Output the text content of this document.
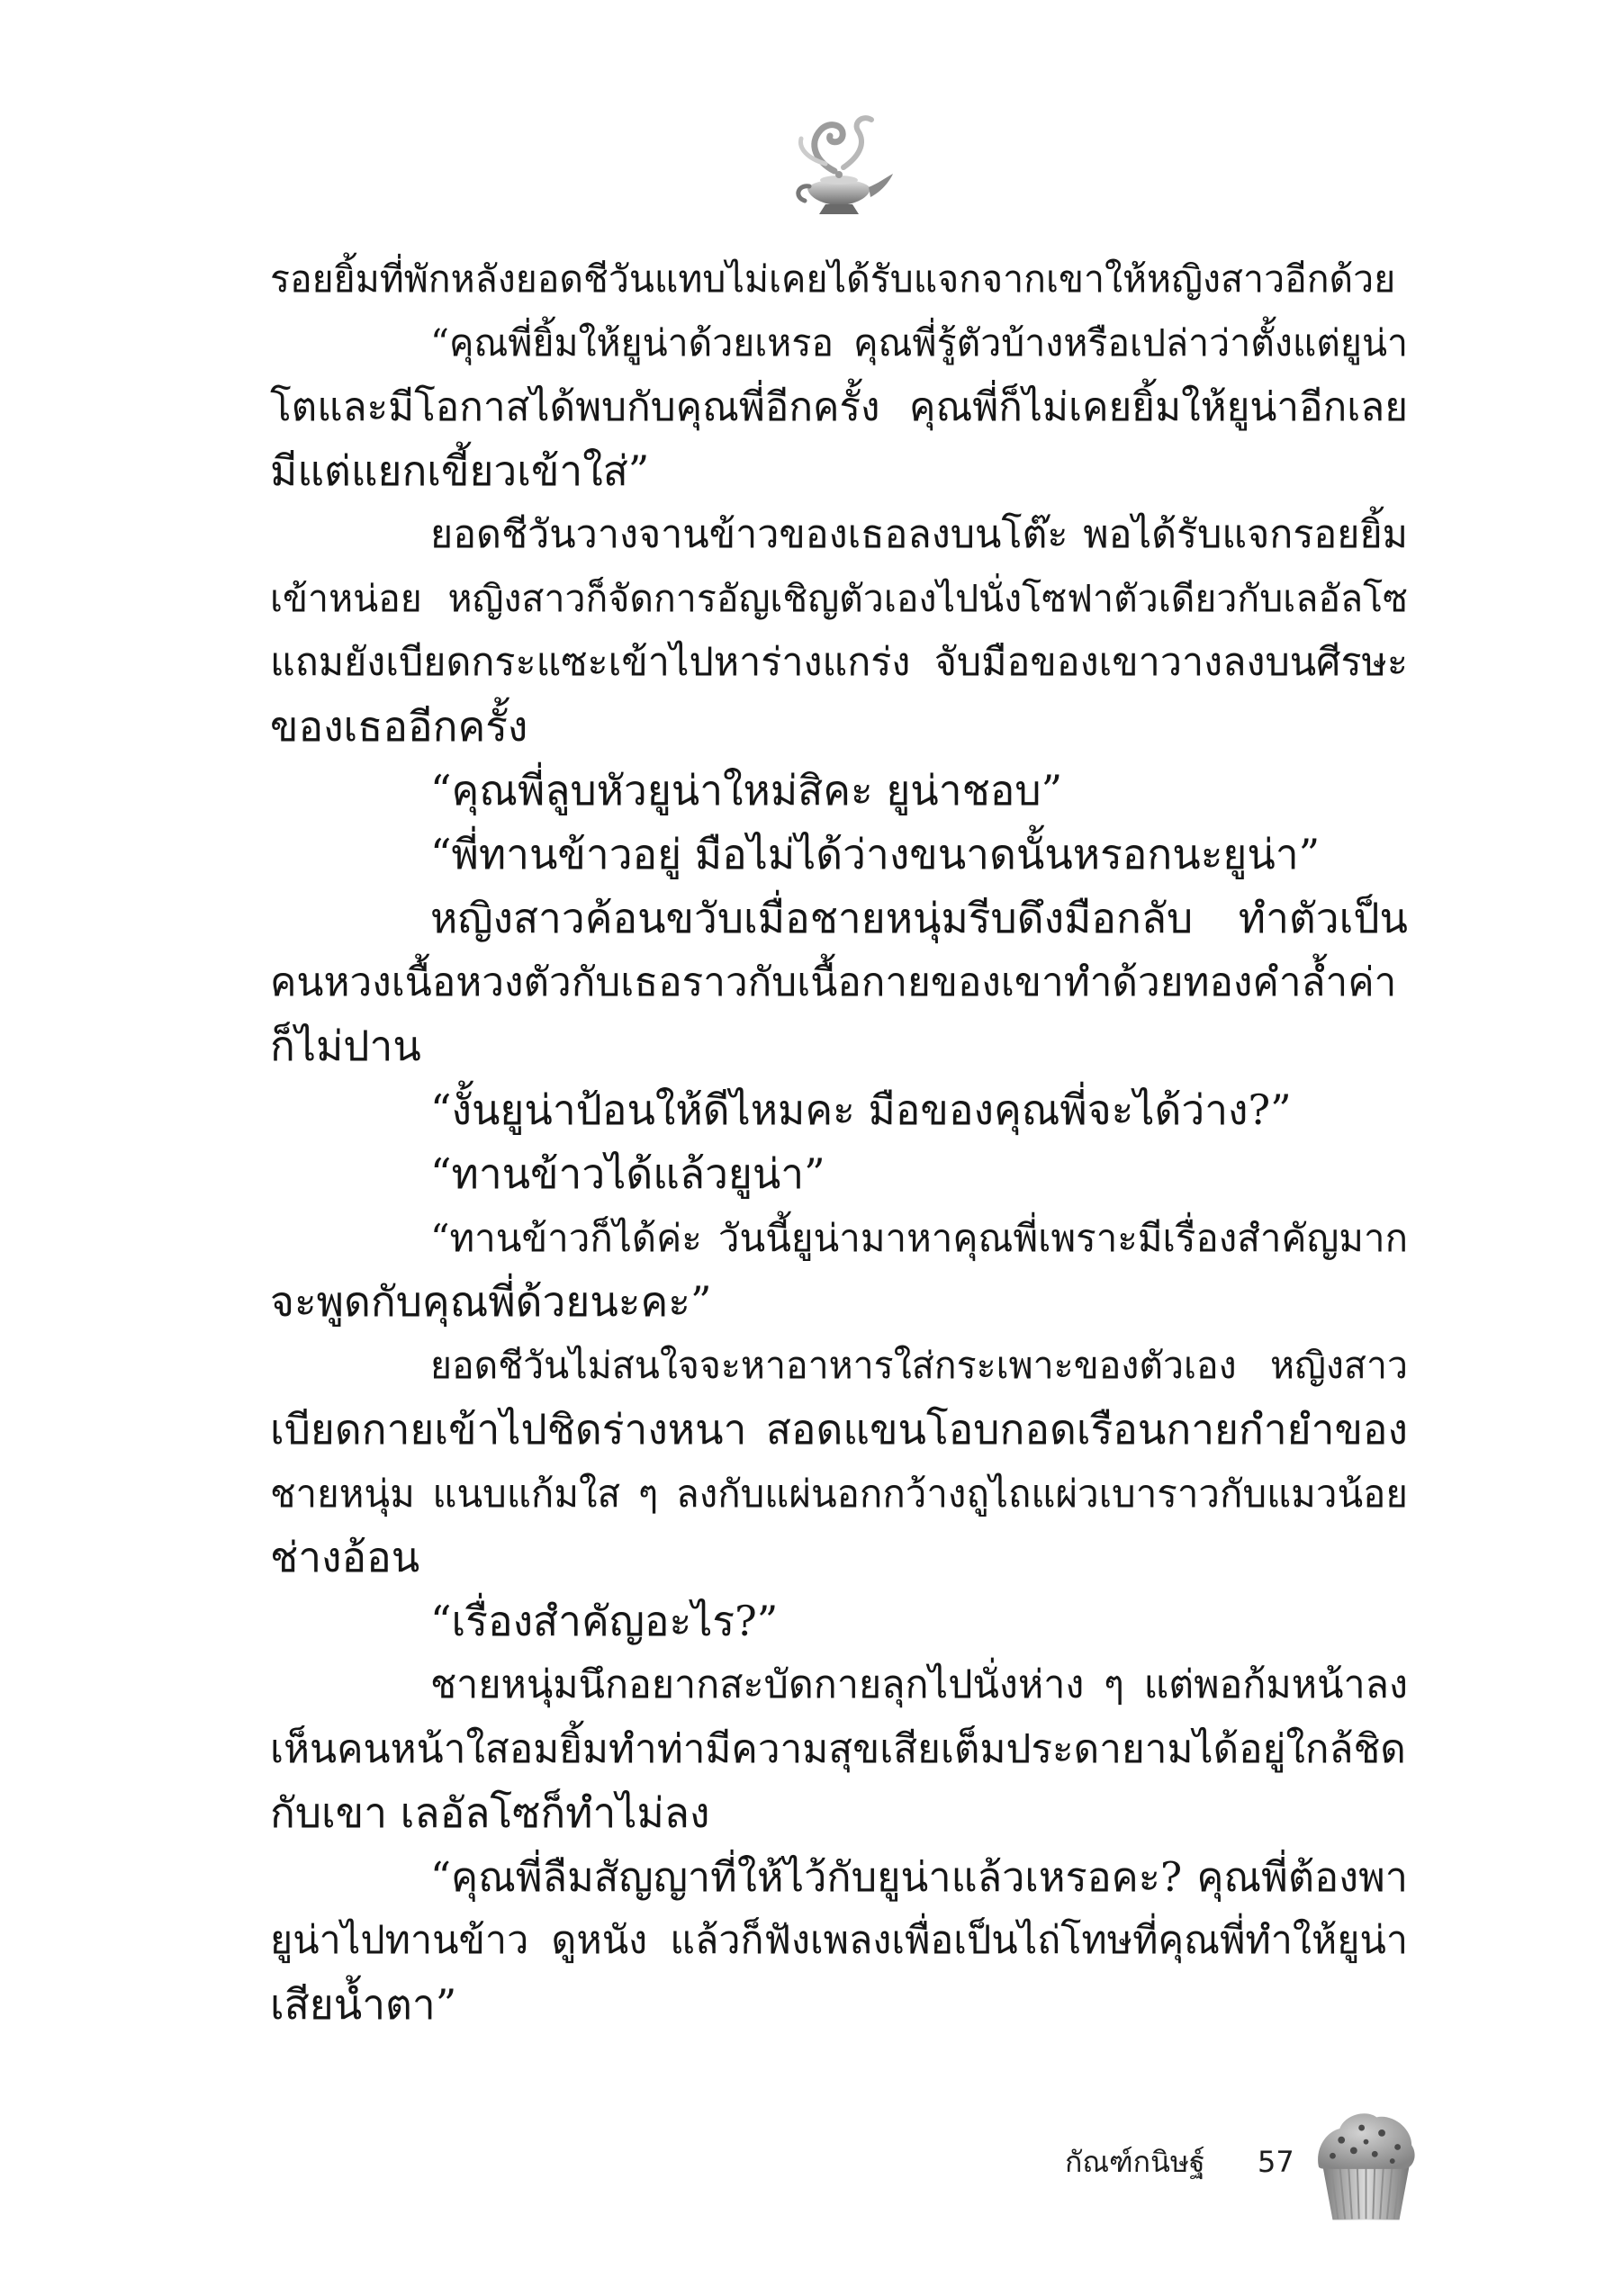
รอยยิ้มที่พักหลังยอดชีวันแทบไม่เคยได้รับแจกจากเขาให้หญิงสาวอีกด้วย
“คุณพี่ยิ้มให้ยูน่าด้วยเหรอ คุณพี่รู้ตัวบ้างหรือเปล่าว่าตั้งแต่ยูน่า
โตและมีโอกาสได้พบกับคุณพี่อีกครั้ง คุณพี่ก็ไม่เคยยิ้มให้ยูน่าอีกเลย
มีแต่แยกเขี้ยวเข้าใส่”
ยอดชีวันวางจานข้าวของเธอลงบนโต๊ะ พอได้รับแจกรอยยิ้ม
เข้าหน่อย หญิงสาวก็จัดการอัญเชิญตัวเองไปนั่งโซฟาตัวเดียวกับเลอัลโซ
แถมยังเบียดกระแซะเข้าไปหาร่างแกร่ง จับมือของเขาวางลงบนศีรษะ
ของเธออีกครั้ง
“คุณพี่ลูบหัวยูน่าใหม่สิคะ ยูน่าชอบ”
“พี่ทานข้าวอยู่ มือไม่ได้ว่างขนาดนั้นหรอกนะยูน่า”
หญิงสาวค้อนขวับเมื่อชายหนุ่มรีบดึงมือกลับ ทำตัวเป็น
คนหวงเนื้อหวงตัวกับเธอราวกับเนื้อกายของเขาทำด้วยทองคำล้ำค่า
ก็ไม่ปาน
“งั้นยูน่าป้อนให้ดีไหมคะ มือของคุณพี่จะได้ว่าง?”
“ทานข้าวได้แล้วยูน่า”
“ทานข้าวก็ได้ค่ะ วันนี้ยูน่ามาหาคุณพี่เพราะมีเรื่องสำคัญมาก
จะพูดกับคุณพี่ด้วยนะคะ”
ยอดชีวันไม่สนใจจะหาอาหารใส่กระเพาะของตัวเอง หญิงสาว
เบียดกายเข้าไปชิดร่างหนา สอดแขนโอบกอดเรือนกายกำยำของ
ชายหนุ่ม แนบแก้มใส ๆ ลงกับแผ่นอกกว้างถูไถแผ่วเบาราวกับแมวน้อย
ช่างอ้อน
“เรื่องสำคัญอะไร?”
ชายหนุ่มนึกอยากสะบัดกายลุกไปนั่งห่าง ๆ แต่พอก้มหน้าลง
เห็นคนหน้าใสอมยิ้มทำท่ามีความสุขเสียเต็มประดายามได้อยู่ใกล้ชิด
กับเขา เลอัลโซก็ทำไม่ลง
“คุณพี่ลืมสัญญาที่ให้ไว้กับยูน่าแล้วเหรอคะ? คุณพี่ต้องพา
ยูน่าไปทานข้าว ดูหนัง แล้วก็ฟังเพลงเพื่อเป็นไถ่โทษที่คุณพี่ทำให้ยูน่า
เสียน้ำตา”
กัณฑ์กนิษฐ์ 57
